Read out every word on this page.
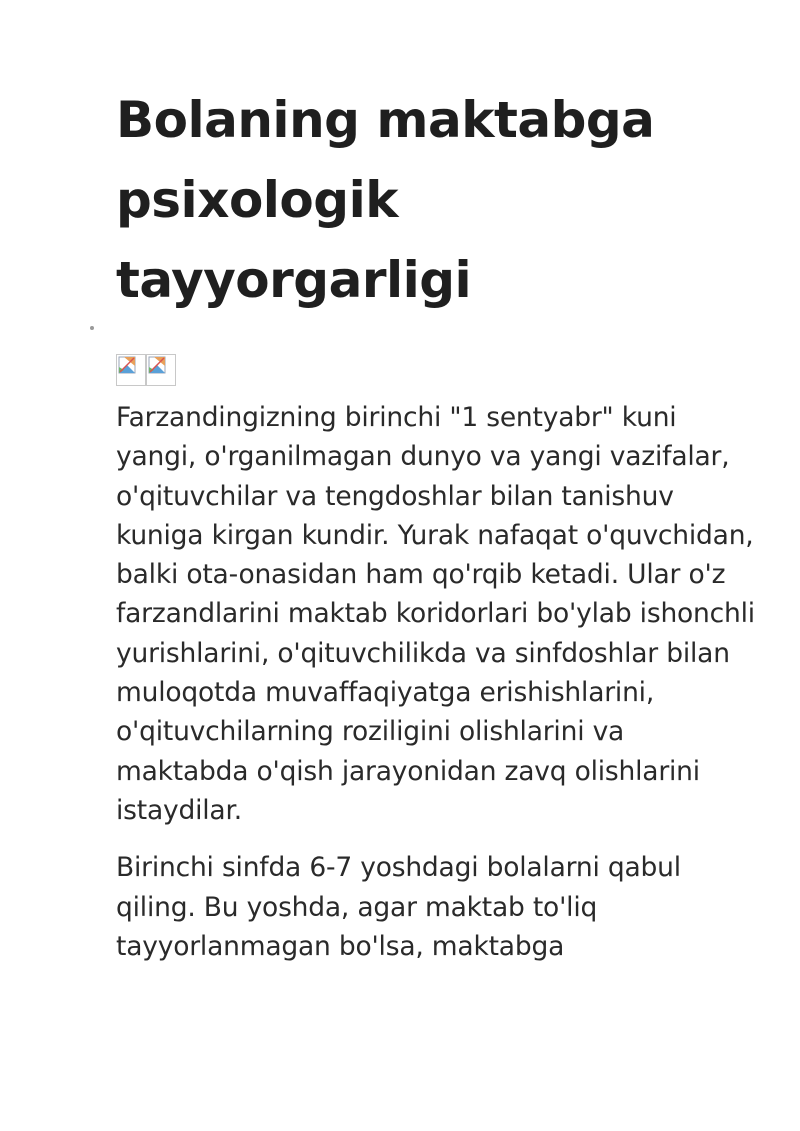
Bolaning maktabga psixologik tayyorgarligi

Farzandingizning birinchi "1 sentyabr" kuni yangi, o'rganilmagan dunyo va yangi vazifalar, o'qituvchilar va tengdoshlar bilan tanishuv kuniga kirgan kundir. Yurak nafaqat o'quvchidan, balki ota-onasidan ham qo'rqib ketadi. Ular o'z farzandlarini maktab koridorlari bo'ylab ishonchli yurishlarini, o'qituvchilikda va sinfdoshlar bilan muloqotda muvaffaqiyatga erishishlarini, o'qituvchilarning roziligini olishlarini va maktabda o'qish jarayonidan zavq olishlarini istaydilar.

Birinchi sinfda 6-7 yoshdagi bolalarni qabul qiling. Bu yoshda, agar maktab to'liq tayyorlanmagan bo'lsa, maktabga
